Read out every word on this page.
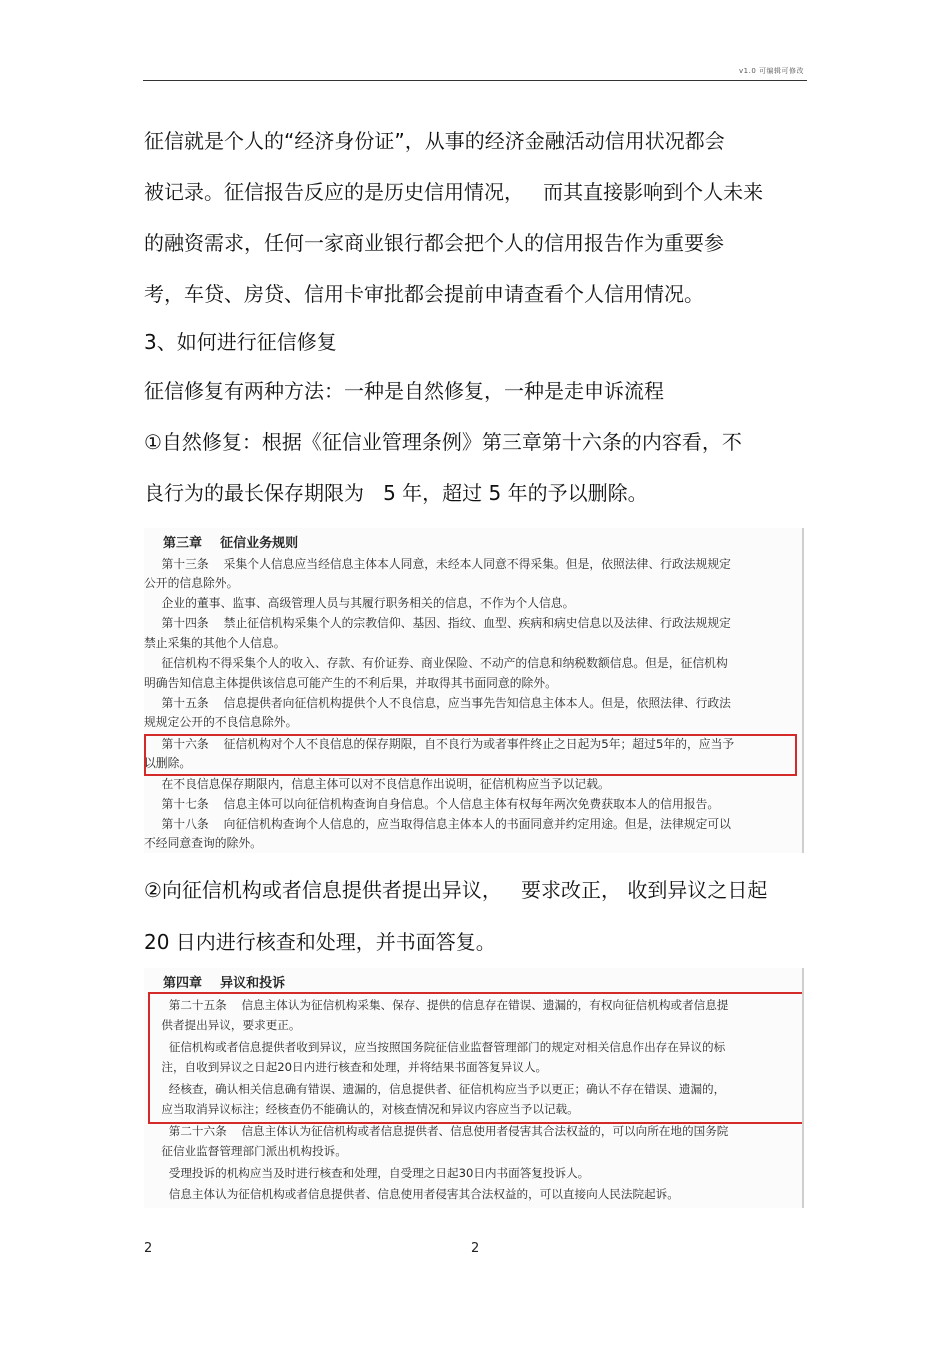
v1.0 可编辑可修改
征信就是个人的“经济身份证”，从事的经济金融活动信用状况都会
被记录。征信报告反应的是历史信用情况，   而其直接影响到个人未来
的融资需求，任何一家商业银行都会把个人的信用报告作为重要参
考，车贷、房贷、信用卡审批都会提前申请查看个人信用情况。
3、如何进行征信修复
征信修复有两种方法：一种是自然修复，一种是走申诉流程
①自然修复：根据《征信业管理条例》第三章第十六条的内容看，不
良行为的最长保存期限为   5 年，超过 5 年的予以删除。
第三章    征信业务规则
第十三条    采集个人信息应当经信息主体本人同意，未经本人同意不得采集。但是，依照法律、行政法规规定
公开的信息除外。
企业的董事、监事、高级管理人员与其履行职务相关的信息，不作为个人信息。
第十四条    禁止征信机构采集个人的宗教信仰、基因、指纹、血型、疾病和病史信息以及法律、行政法规规定
禁止采集的其他个人信息。
征信机构不得采集个人的收入、存款、有价证券、商业保险、不动产的信息和纳税数额信息。但是，征信机构
明确告知信息主体提供该信息可能产生的不利后果，并取得其书面同意的除外。
第十五条    信息提供者向征信机构提供个人不良信息，应当事先告知信息主体本人。但是，依照法律、行政法
规规定公开的不良信息除外。
第十六条    征信机构对个人不良信息的保存期限，自不良行为或者事件终止之日起为5年；超过5年的，应当予
以删除。
在不良信息保存期限内，信息主体可以对不良信息作出说明，征信机构应当予以记载。
第十七条    信息主体可以向征信机构查询自身信息。个人信息主体有权每年两次免费获取本人的信用报告。
第十八条    向征信机构查询个人信息的，应当取得信息主体本人的书面同意并约定用途。但是，法律规定可以
不经同意查询的除外。
②向征信机构或者信息提供者提出异议，   要求改正， 收到异议之日起
20 日内进行核查和处理，并书面答复。
第四章    异议和投诉
第二十五条    信息主体认为征信机构采集、保存、提供的信息存在错误、遗漏的，有权向征信机构或者信息提
供者提出异议，要求更正。
征信机构或者信息提供者收到异议，应当按照国务院征信业监督管理部门的规定对相关信息作出存在异议的标
注，自收到异议之日起20日内进行核查和处理，并将结果书面答复异议人。
经核查，确认相关信息确有错误、遗漏的，信息提供者、征信机构应当予以更正；确认不存在错误、遗漏的，
应当取消异议标注；经核查仍不能确认的，对核查情况和异议内容应当予以记载。
第二十六条    信息主体认为征信机构或者信息提供者、信息使用者侵害其合法权益的，可以向所在地的国务院
征信业监督管理部门派出机构投诉。
受理投诉的机构应当及时进行核查和处理，自受理之日起30日内书面答复投诉人。
信息主体认为征信机构或者信息提供者、信息使用者侵害其合法权益的，可以直接向人民法院起诉。
2	2
